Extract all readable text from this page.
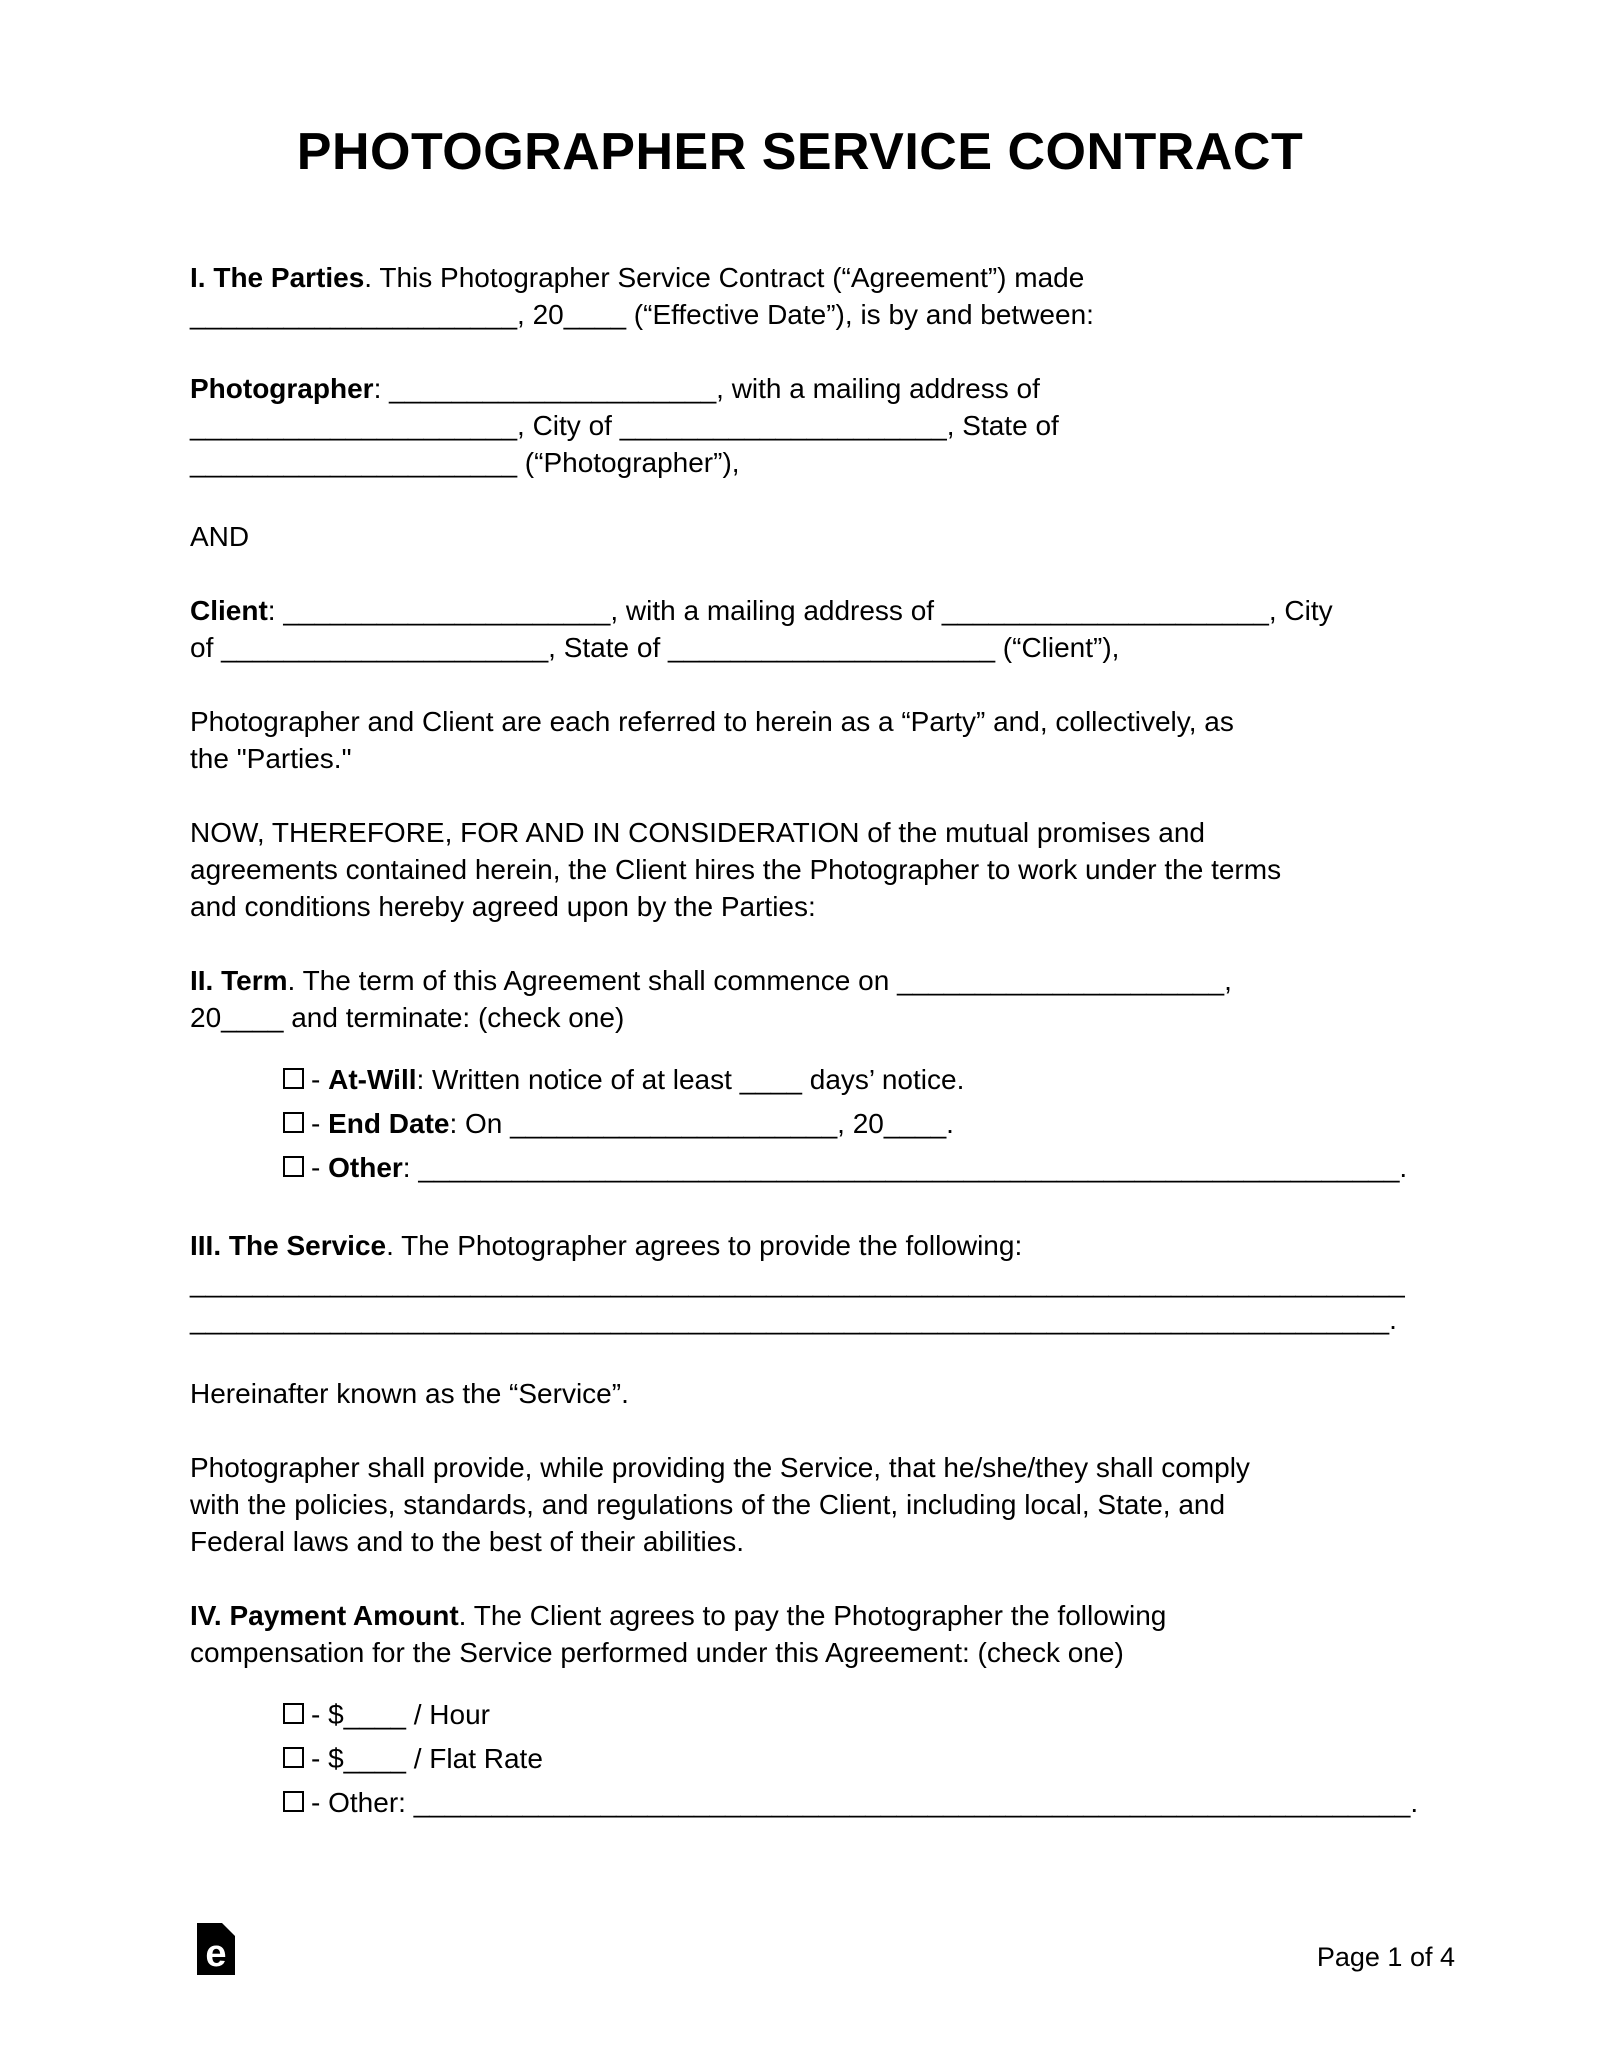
PHOTOGRAPHER SERVICE CONTRACT
I. The Parties. This Photographer Service Contract (“Agreement”) made
_____________________, 20____ (“Effective Date”), is by and between:
Photographer: _____________________, with a mailing address of
_____________________, City of _____________________, State of
_____________________ (“Photographer”),
AND
Client: _____________________, with a mailing address of _____________________, City
of _____________________, State of _____________________ (“Client”),
Photographer and Client are each referred to herein as a “Party” and, collectively, as
the "Parties."
NOW, THEREFORE, FOR AND IN CONSIDERATION of the mutual promises and
agreements contained herein, the Client hires the Photographer to work under the terms
and conditions hereby agreed upon by the Parties:
II. Term. The term of this Agreement shall commence on _____________________,
20____ and terminate: (check one)
- At-Will: Written notice of at least ____ days’ notice.
- End Date: On _____________________, 20____.
- Other: _______________________________________________________________.
III. The Service. The Photographer agrees to provide the following:
______________________________________________________________________________
_____________________________________________________________________________.
Hereinafter known as the “Service”.
Photographer shall provide, while providing the Service, that he/she/they shall comply
with the policies, standards, and regulations of the Client, including local, State, and
Federal laws and to the best of their abilities.
IV. Payment Amount. The Client agrees to pay the Photographer the following
compensation for the Service performed under this Agreement: (check one)
- $____ / Hour
- $____ / Flat Rate
- Other: ________________________________________________________________.
e	Page 1 of 4
